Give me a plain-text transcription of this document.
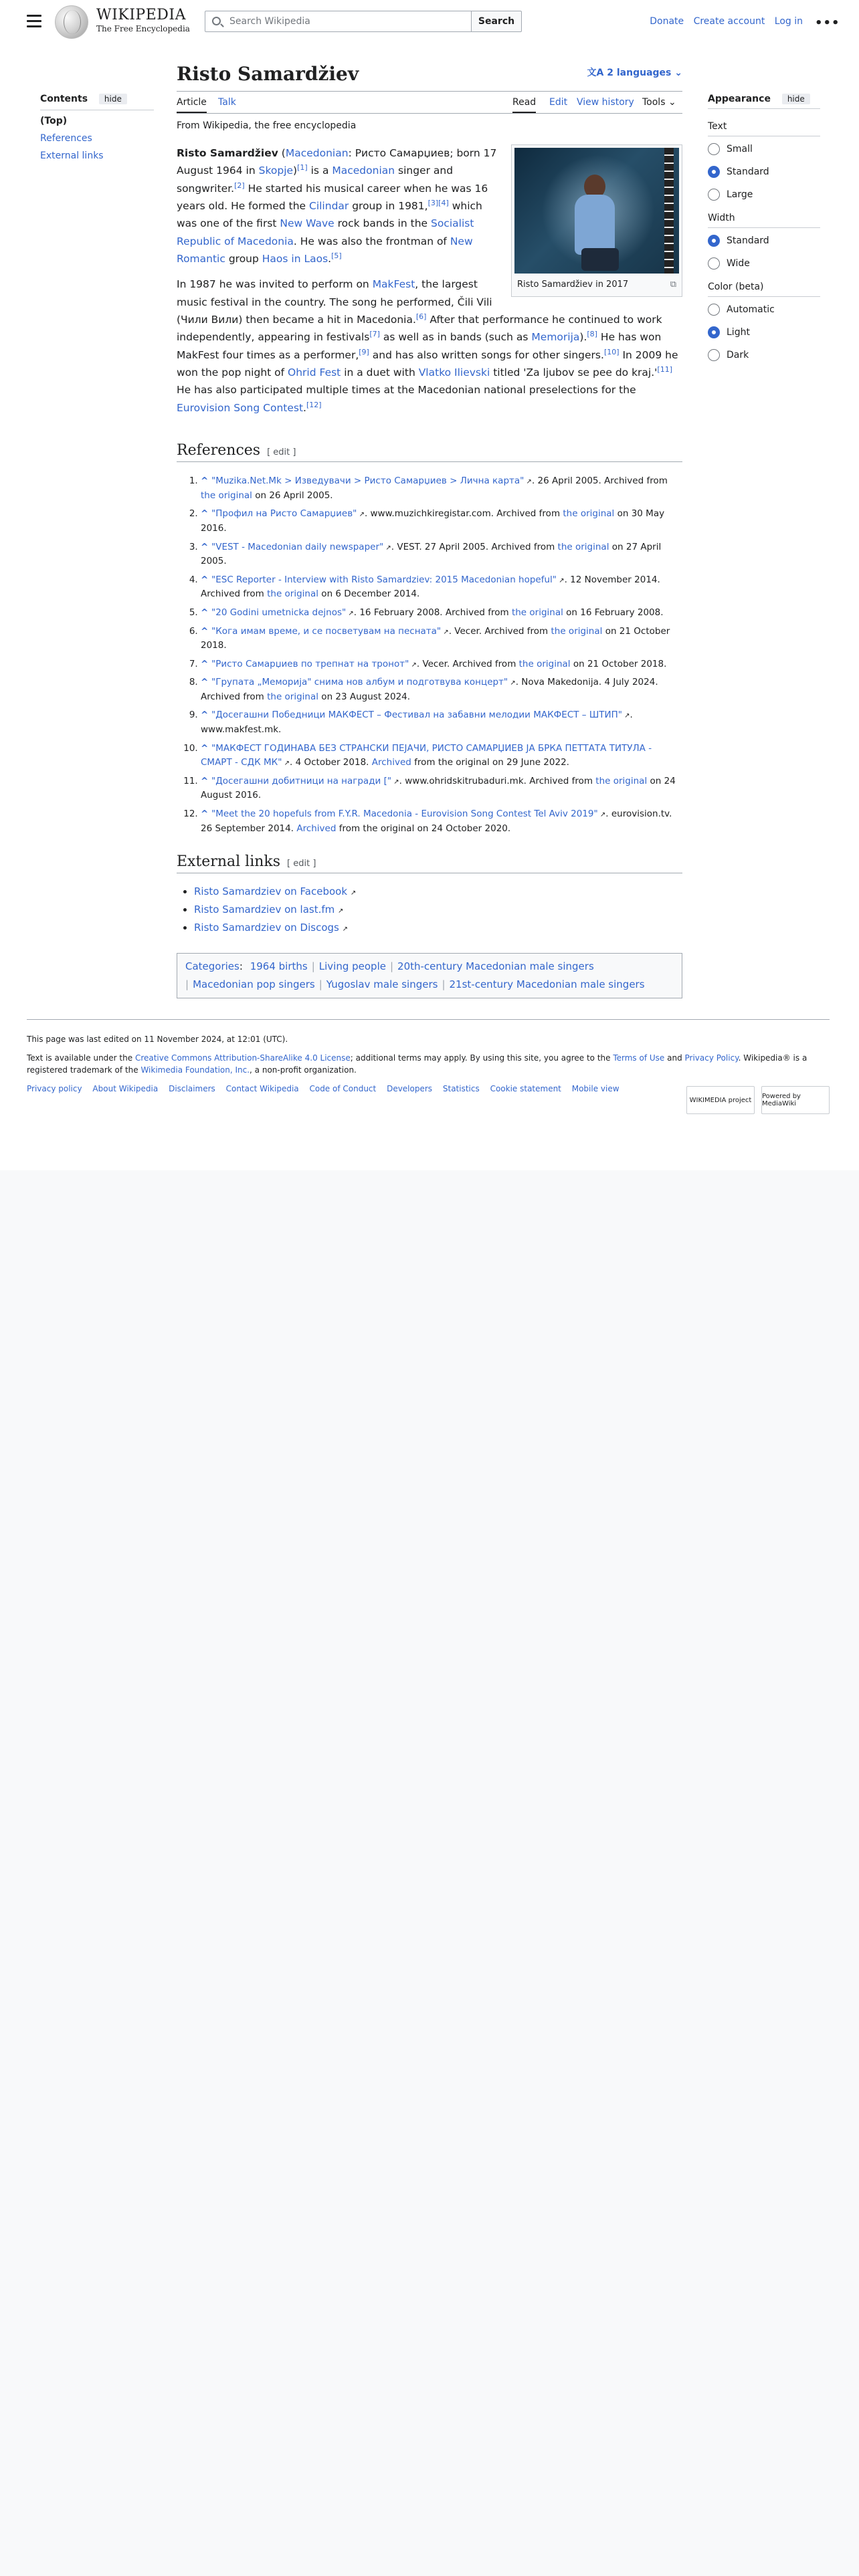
WIKIPEDIA
The Free Encyclopedia
Search Wikipedia
Search	Donate Create account Log in •••
Contents hide
(Top)
References
External links
Risto Samardžiev	文A 2 languages ⌄
Article Talk	Read Edit View history Tools ⌄
From Wikipedia, the free encyclopedia
Risto Samardžiev in 2017	⧉

Risto Samardžiev (Macedonian: Ристо Самарџиев; born 17 August 1964 in Skopje)[1] is a Macedonian singer and songwriter.[2] He started his musical career when he was 16 years old. He formed the Cilindar group in 1981,[3][4] which was one of the first New Wave rock bands in the Socialist Republic of Macedonia. He was also the frontman of New Romantic group Haos in Laos.[5]

In 1987 he was invited to perform on MakFest, the largest music festival in the country. The song he performed, Čili Vili (Чили Вили) then became a hit in Macedonia.[6] After that performance he continued to work independently, appearing in festivals[7] as well as in bands (such as Memorija).[8] He has won MakFest four times as a performer,[9] and has also written songs for other singers.[10] In 2009 he won the pop night of Ohrid Fest in a duet with Vlatko Ilievski titled 'Za ljubov se pee do kraj.'[11] He has also participated multiple times at the Macedonian national preselections for the Eurovision Song Contest.[12]

References [ edit ]
1. ^ "Muzika.Net.Mk > Изведувачи > Ристо Самарџиев > Лична карта" ↗. 26 April 2005. Archived from the original on 26 April 2005.
2. ^ "Профил на Ристо Самарџиев" ↗. www.muzichkiregistar.com. Archived from the original on 30 May 2016.
3. ^ "VEST - Macedonian daily newspaper" ↗. VEST. 27 April 2005. Archived from the original on 27 April 2005.
4. ^ "ESC Reporter - Interview with Risto Samardziev: 2015 Macedonian hopeful" ↗. 12 November 2014. Archived from the original on 6 December 2014.
5. ^ "20 Godini umetnicka dejnos" ↗. 16 February 2008. Archived from the original on 16 February 2008.
6. ^ "Кога имам време, и се посветувам на песната" ↗. Vecer. Archived from the original on 21 October 2018.
7. ^ "Ристо Самарџиев по трепнат на тронот" ↗. Vecer. Archived from the original on 21 October 2018.
8. ^ "Групата „Меморија" снима нов албум и подготвува концерт" ↗. Nova Makedonija. 4 July 2024. Archived from the original on 23 August 2024.
9. ^ "Досегашни Победници МАКФЕСТ – Фестивал на забавни мелодии МАКФЕСТ – ШТИП" ↗. www.makfest.mk.
10. ^ "МАКФЕСТ ГОДИНАВА БЕЗ СТРАНСКИ ПЕЈАЧИ, РИСТО САМАРЏИЕВ ЈА БРКА ПЕТТАТА ТИТУЛА - СМАРТ - СДК МК" ↗. 4 October 2018. Archived from the original on 29 June 2022.
11. ^ "Досегашни добитници на награди [" ↗. www.ohridskitrubaduri.mk. Archived from the original on 24 August 2016.
12. ^ "Meet the 20 hopefuls from F.Y.R. Macedonia - Eurovision Song Contest Tel Aviv 2019" ↗. eurovision.tv. 26 September 2014. Archived from the original on 24 October 2020.
External links [ edit ]
• Risto Samardziev on Facebook ↗
• Risto Samardziev on last.fm ↗
• Risto Samardziev on Discogs ↗
Categories: 1964 births | Living people | 20th-century Macedonian male singers
| Macedonian pop singers | Yugoslav male singers | 21st-century Macedonian male singers
Appearance hide
Text
Small
Standard
Large
Width
Standard
Wide
Color (beta)
Automatic
Light
Dark

This page was last edited on 11 November 2024, at 12:01 (UTC).

Text is available under the Creative Commons Attribution-ShareAlike 4.0 License; additional terms may apply. By using this site, you agree to the Terms of Use and Privacy Policy. Wikipedia® is a registered trademark of the Wikimedia Foundation, Inc., a non-profit organization.

Privacy policy About Wikipedia Disclaimers Contact Wikipedia Code of Conduct Developers Statistics Cookie statement Mobile view

WIKIMEDIA project	Powered by MediaWiki
